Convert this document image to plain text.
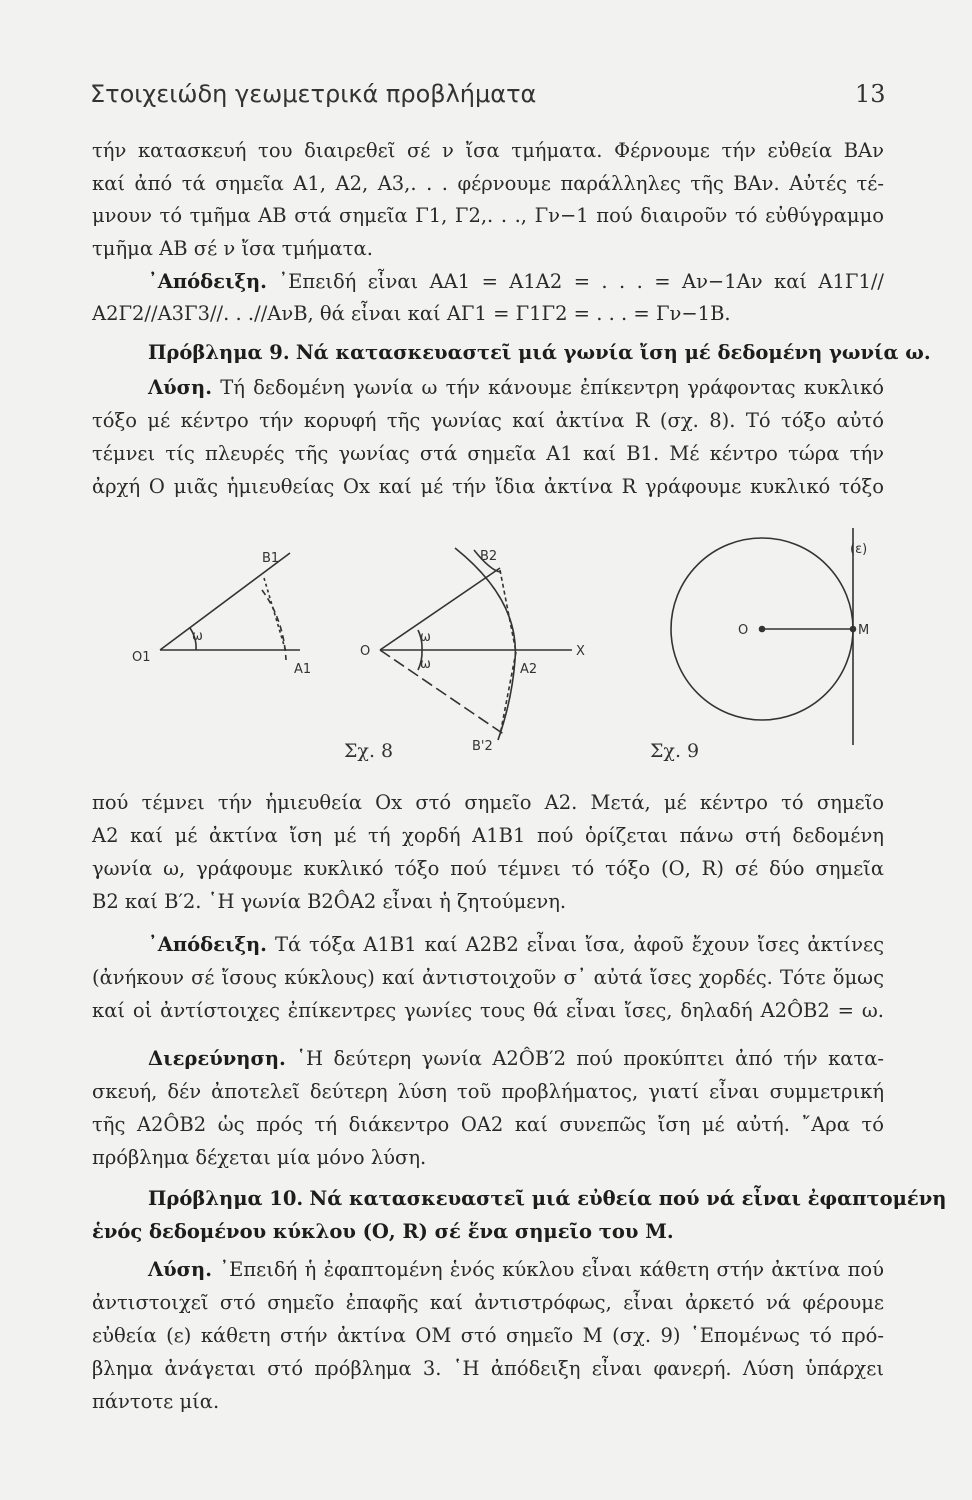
Στοιχειώδη γεωμετρικά προβλήματα	13
τήν κατασκευή του διαιρεθεῖ σέ ν ἴσα τμήματα. Φέρνουμε τήν εὐθεία ΒΑν
καί ἀπό τά σημεῖα Α1, Α2, Α3,. . . φέρνουμε παράλληλες τῆς ΒΑν. Αὐτές τέ-
μνουν τό τμῆμα ΑΒ στά σημεῖα Γ1, Γ2,. . ., Γν−1 πού διαιροῦν τό εὐθύγραμμο
τμῆμα ΑΒ σέ ν ἴσα τμήματα.
᾿Απόδειξη. ᾿Επειδή εἶναι ΑΑ1 = Α1Α2 = . . . = Αν−1Αν καί Α1Γ1//
Α2Γ2//Α3Γ3//. . .//ΑνΒ, θά εἶναι καί ΑΓ1 = Γ1Γ2 = . . . = Γν−1Β.
Πρόβλημα 9. Νά κατασκευαστεῖ μιά γωνία ἴση μέ δεδομένη γωνία ω.
Λύση. Τή δεδομένη γωνία ω τήν κάνουμε ἐπίκεντρη γράφοντας κυκλικό
τόξο μέ κέντρο τήν κορυφή τῆς γωνίας καί ἀκτίνα R (σχ. 8). Τό τόξο αὐτό
τέμνει τίς πλευρές τῆς γωνίας στά σημεῖα Α1 καί Β1. Μέ κέντρο τώρα τήν
ἀρχή Ο μιᾶς ἡμιευθείας Οx καί μέ τήν ἴδια ἀκτίνα R γράφουμε κυκλικό τόξο
O1
B1
A1
ω
O
B2
A2
X
ω
ω
B'2
O	M
(ε)
Σχ. 8	Σχ. 9
πού τέμνει τήν ἡμιευθεία Οx στό σημεῖο Α2. Μετά, μέ κέντρο τό σημεῖο
Α2 καί μέ ἀκτίνα ἴση μέ τή χορδή Α1Β1 πού ὁρίζεται πάνω στή δεδομένη
γωνία ω, γράφουμε κυκλικό τόξο πού τέμνει τό τόξο (Ο, R) σέ δύο σημεῖα
Β2 καί Β′2. ῾Η γωνία Β2ÔΑ2 εἶναι ἡ ζητούμενη.
᾿Απόδειξη. Τά τόξα Α1Β1 καί Α2Β2 εἶναι ἴσα, ἀφοῦ ἔχουν ἴσες ἀκτίνες
(ἀνήκουν σέ ἴσους κύκλους) καί ἀντιστοιχοῦν σ᾿ αὐτά ἴσες χορδές. Τότε ὅμως
καί οἱ ἀντίστοιχες ἐπίκεντρες γωνίες τους θά εἶναι ἴσες, δηλαδή Α2ÔΒ2 = ω.
Διερεύνηση. ῾Η δεύτερη γωνία Α2ÔΒ′2 πού προκύπτει ἀπό τήν κατα-
σκευή, δέν ἀποτελεῖ δεύτερη λύση τοῦ προβλήματος, γιατί εἶναι συμμετρική
τῆς Α2ÔΒ2 ὡς πρός τή διάκεντρο ΟΑ2 καί συνεπῶς ἴση μέ αὐτή. ῎Αρα τό
πρόβλημα δέχεται μία μόνο λύση.
Πρόβλημα 10. Νά κατασκευαστεῖ μιά εὐθεία πού νά εἶναι ἐφαπτομένη
ἑνός δεδομένου κύκλου (Ο, R) σέ ἕνα σημεῖο του Μ.
Λύση. ᾿Επειδή ἡ ἐφαπτομένη ἑνός κύκλου εἶναι κάθετη στήν ἀκτίνα πού
ἀντιστοιχεῖ στό σημεῖο ἐπαφῆς καί ἀντιστρόφως, εἶναι ἀρκετό νά φέρουμε
εὐθεία (ε) κάθετη στήν ἀκτίνα ΟΜ στό σημεῖο Μ (σχ. 9) ῾Επομένως τό πρό-
βλημα ἀνάγεται στό πρόβλημα 3. ῾Η ἀπόδειξη εἶναι φανερή. Λύση ὑπάρχει
πάντοτε μία.
